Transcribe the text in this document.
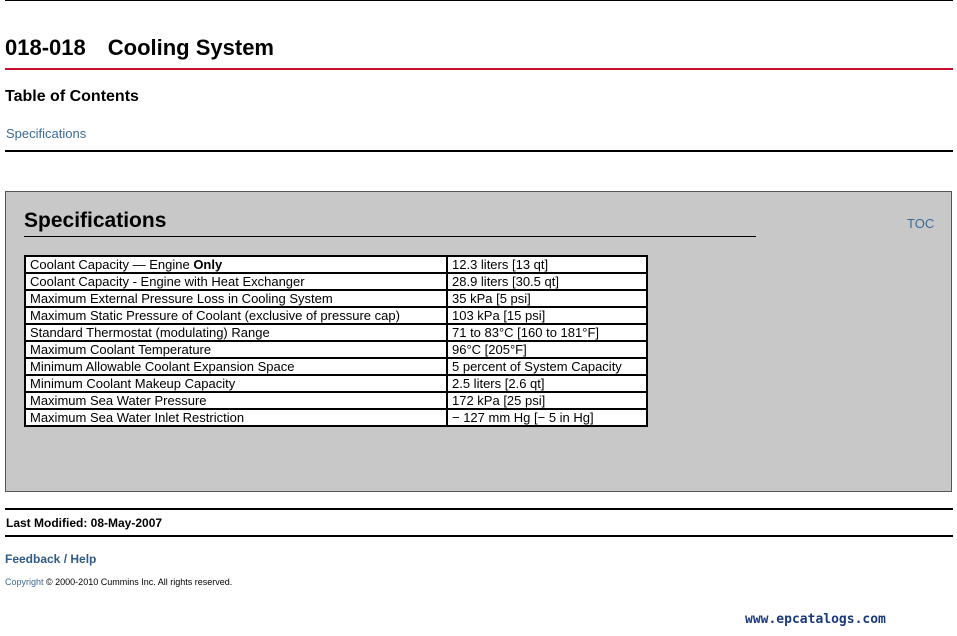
018-018 Cooling System
Table of Contents
Specifications
Specifications	TOC
Coolant Capacity — Engine Only	12.3 liters [13 qt]
Coolant Capacity - Engine with Heat Exchanger	28.9 liters [30.5 qt]
Maximum External Pressure Loss in Cooling System	35 kPa [5 psi]
Maximum Static Pressure of Coolant (exclusive of pressure cap)	103 kPa [15 psi]
Standard Thermostat (modulating) Range	71 to 83°C [160 to 181°F]
Maximum Coolant Temperature	96°C [205°F]
Minimum Allowable Coolant Expansion Space	5 percent of System Capacity
Minimum Coolant Makeup Capacity	2.5 liters [2.6 qt]
Maximum Sea Water Pressure	172 kPa [25 psi]
Maximum Sea Water Inlet Restriction	− 127 mm Hg [− 5 in Hg]
Last Modified: 08-May-2007
Feedback / Help
Copyright © 2000-2010 Cummins Inc. All rights reserved.
www.epcatalogs.com
